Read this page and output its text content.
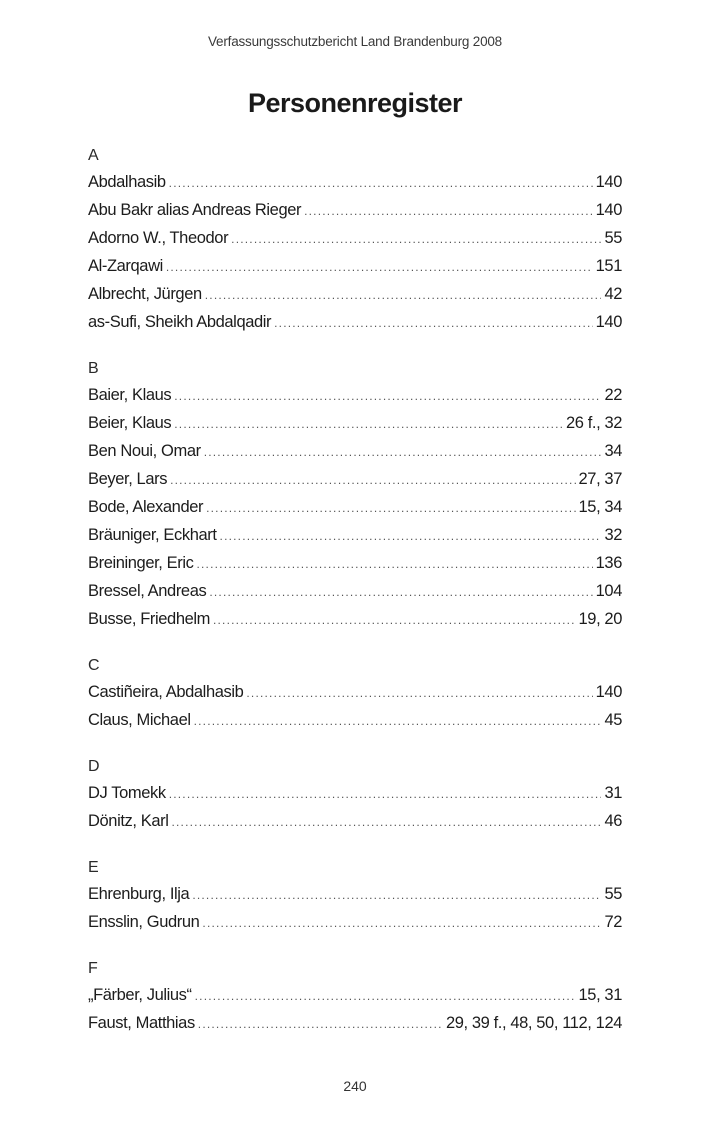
Verfassungsschutzbericht Land Brandenburg 2008
Personenregister
A
Abdalhasib .....	140
Abu Bakr alias Andreas Rieger .....	140
Adorno W., Theodor .....	55
Al-Zarqawi .....	151
Albrecht, Jürgen .....	42
as-Sufi, Sheikh Abdalqadir .....	140
B
Baier, Klaus .....	22
Beier, Klaus .....	26 f., 32
Ben Noui, Omar .....	34
Beyer, Lars .....	27, 37
Bode, Alexander .....	15, 34
Bräuniger, Eckhart .....	32
Breininger, Eric .....	136
Bressel, Andreas .....	104
Busse, Friedhelm .....	19, 20
C
Castiñeira, Abdalhasib .....	140
Claus, Michael .....	45
D
DJ Tomekk .....	31
Dönitz, Karl .....	46
E
Ehrenburg, Ilja .....	55
Ensslin, Gudrun .....	72
F
„Färber, Julius“ .....	15, 31
Faust, Matthias .....	29, 39 f., 48, 50, 112, 124
240
